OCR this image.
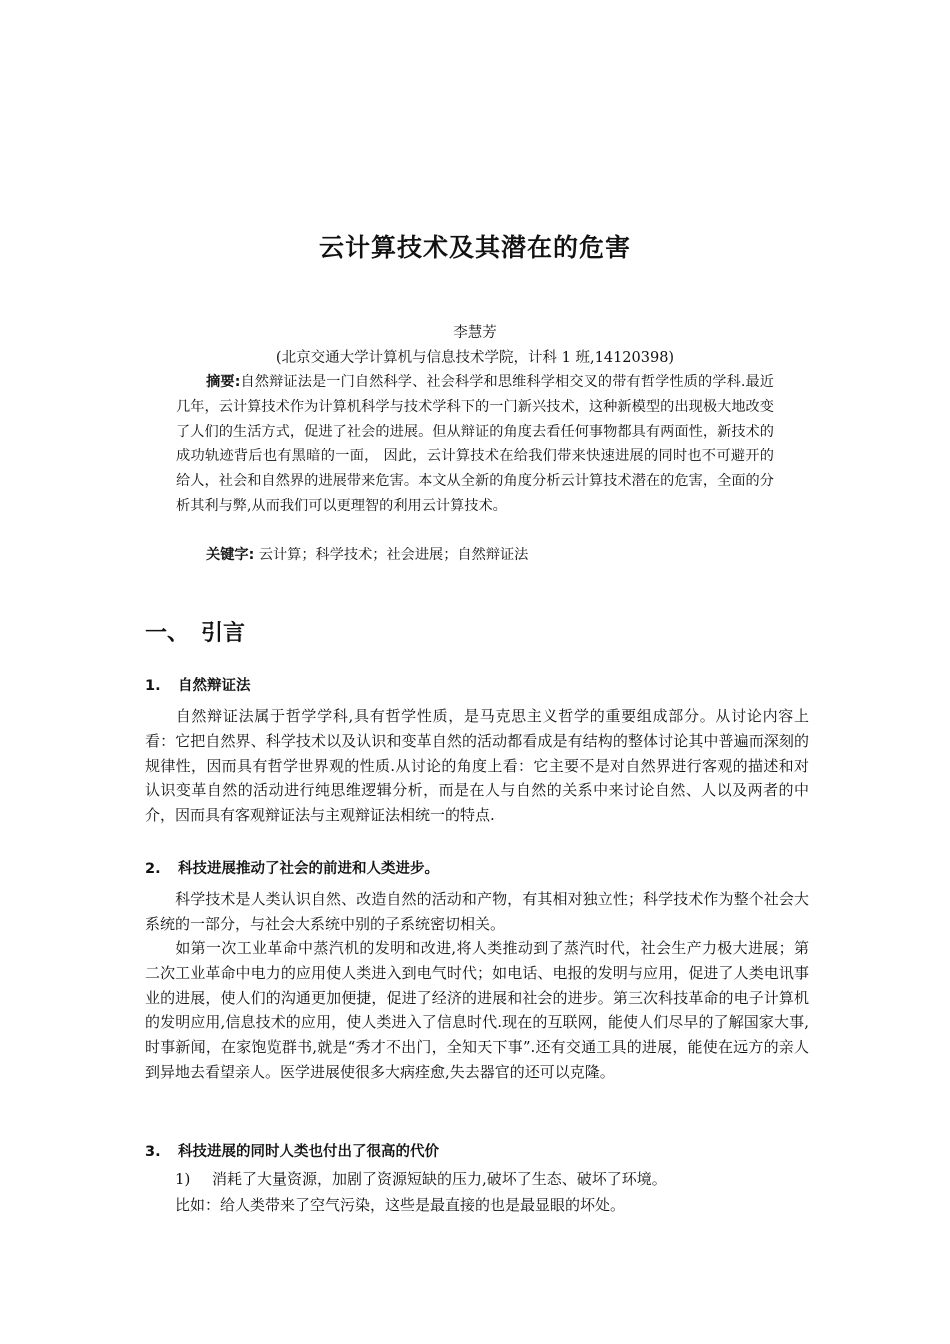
云计算技术及其潜在的危害
李慧芳
(北京交通大学计算机与信息技术学院，计科 1 班,14120398)
摘要:自然辩证法是一门自然科学、社会科学和思维科学相交叉的带有哲学性质的学科.最近几年，云计算技术作为计算机科学与技术学科下的一门新兴技术，这种新模型的出现极大地改变了人们的生活方式，促进了社会的进展。但从辩证的角度去看任何事物都具有两面性，新技术的成功轨迹背后也有黑暗的一面， 因此，云计算技术在给我们带来快速进展的同时也不可避开的给人，社会和自然界的进展带来危害。本文从全新的角度分析云计算技术潜在的危害，全面的分析其利与弊,从而我们可以更理智的利用云计算技术。
关键字: 云计算；科学技术；社会进展；自然辩证法
一、 引言
1. 自然辩证法
自然辩证法属于哲学学科,具有哲学性质，是马克思主义哲学的重要组成部分。从讨论内容上看：它把自然界、科学技术以及认识和变革自然的活动都看成是有结构的整体讨论其中普遍而深刻的规律性，因而具有哲学世界观的性质.从讨论的角度上看：它主要不是对自然界进行客观的描述和对认识变革自然的活动进行纯思维逻辑分析，而是在人与自然的关系中来讨论自然、人以及两者的中介，因而具有客观辩证法与主观辩证法相统一的特点.
2. 科技进展推动了社会的前进和人类进步。
科学技术是人类认识自然、改造自然的活动和产物，有其相对独立性；科学技术作为整个社会大系统的一部分，与社会大系统中别的子系统密切相关。
如第一次工业革命中蒸汽机的发明和改进,将人类推动到了蒸汽时代，社会生产力极大进展；第二次工业革命中电力的应用使人类进入到电气时代；如电话、电报的发明与应用，促进了人类电讯事业的进展，使人们的沟通更加便捷，促进了经济的进展和社会的进步。第三次科技革命的电子计算机的发明应用,信息技术的应用，使人类进入了信息时代.现在的互联网，能使人们尽早的了解国家大事,时事新闻，在家饱览群书,就是“秀才不出门，全知天下事”.还有交通工具的进展，能使在远方的亲人到异地去看望亲人。医学进展使很多大病痊愈,失去器官的还可以克隆。
3. 科技进展的同时人类也付出了很高的代价
1) 消耗了大量资源，加剧了资源短缺的压力,破坏了生态、破坏了环境。
比如：给人类带来了空气污染，这些是最直接的也是最显眼的坏处。
